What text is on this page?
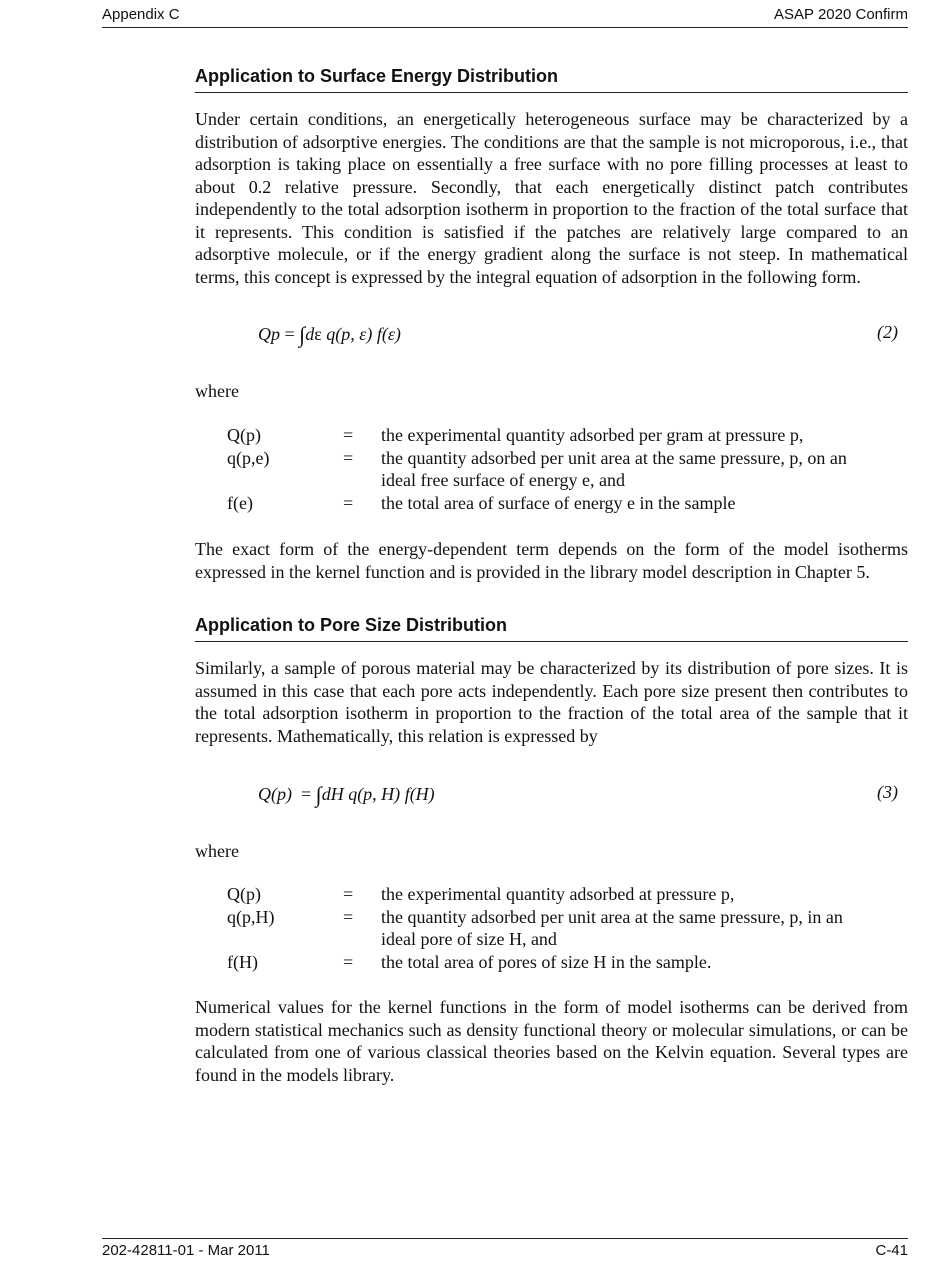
Appendix C	ASAP 2020 Confirm
Application to Surface Energy Distribution

Under certain conditions, an energetically heterogeneous surface may be characterized by a distribution of adsorptive energies. The conditions are that the sample is not microporous, i.e., that adsorption is taking place on essentially a free surface with no pore filling processes at least to about 0.2 relative pressure. Secondly, that each energetically distinct patch contributes independently to the total adsorption isotherm in proportion to the fraction of the total surface that it represents. This condition is satisfied if the patches are relatively large compared to an adsorptive molecule, or if the energy gradient along the surface is not steep. In mathematical terms, this concept is expressed by the integral equation of adsorption in the following form.

Qp = ∫dε q(p, ε) f(ε)	(2)

where

Q(p)	= the experimental quantity adsorbed per gram at pressure p,
q(p,e)	= the quantity adsorbed per unit area at the same pressure, p, on an ideal free surface of energy e, and
f(e)	= the total area of surface of energy e in the sample

The exact form of the energy-dependent term depends on the form of the model isotherms expressed in the kernel function and is provided in the library model description in Chapter 5.

Application to Pore Size Distribution

Similarly, a sample of porous material may be characterized by its distribution of pore sizes. It is assumed in this case that each pore acts independently. Each pore size present then contributes to the total adsorption isotherm in proportion to the fraction of the total area of the sample that it represents. Mathematically, this relation is expressed by

Q(p) = ∫dH q(p, H) f(H)	(3)

where

Q(p)	= the experimental quantity adsorbed at pressure p,
q(p,H)	= the quantity adsorbed per unit area at the same pressure, p, in an ideal pore of size H, and
f(H)	= the total area of pores of size H in the sample.

Numerical values for the kernel functions in the form of model isotherms can be derived from modern statistical mechanics such as density functional theory or molecular simulations, or can be calculated from one of various classical theories based on the Kelvin equation. Several types are found in the models library.

202-42811-01 - Mar 2011	C-41
